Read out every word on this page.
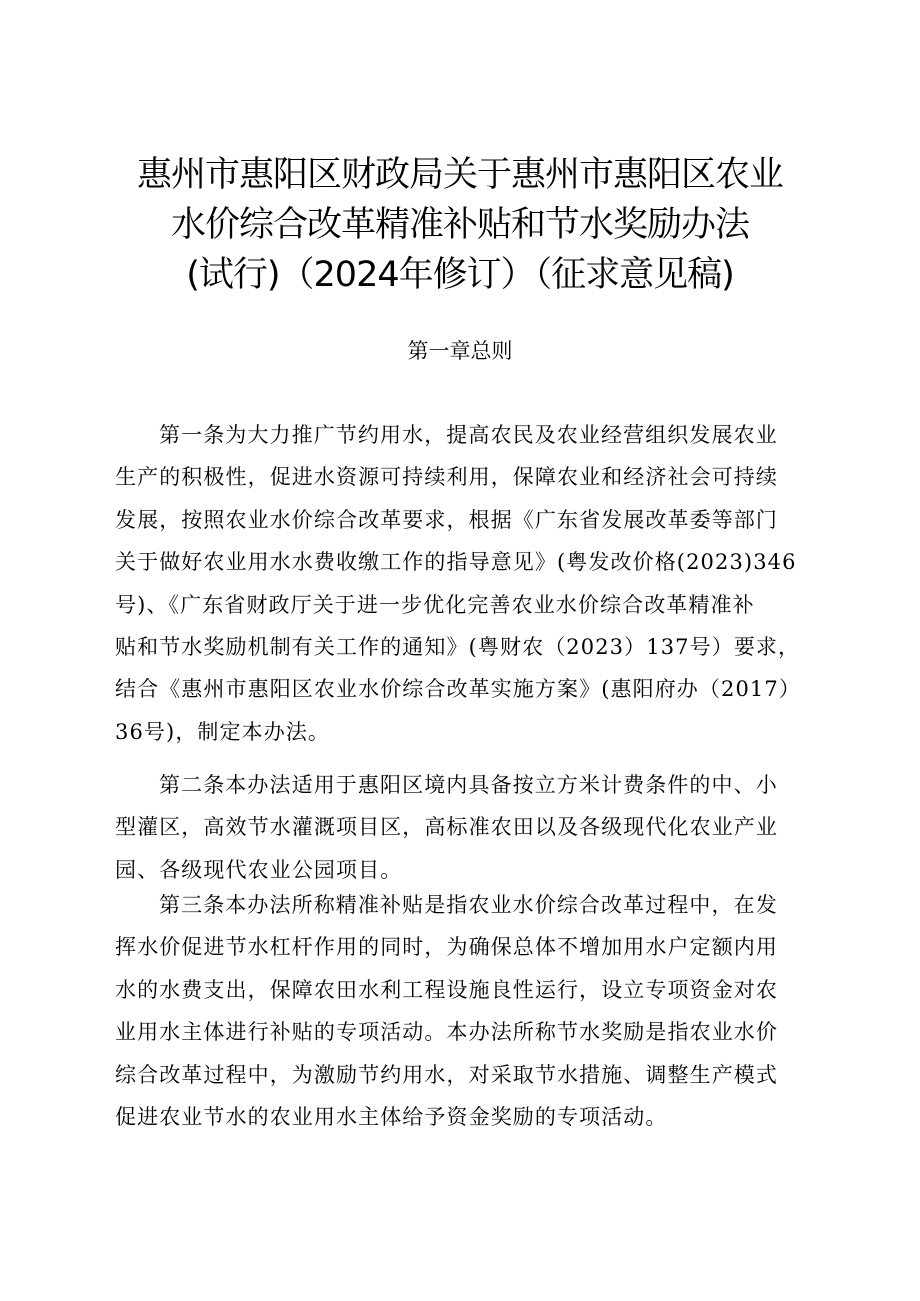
惠州市惠阳区财政局关于惠州市惠阳区农业
水价综合改革精准补贴和节水奖励办法
(试行)（2024年修订）（征求意见稿)
第一章总则
第一条为大力推广节约用水，提高农民及农业经营组织发展农业
生产的积极性，促进水资源可持续利用，保障农业和经济社会可持续
发展，按照农业水价综合改革要求，根据《广东省发展改革委等部门
关于做好农业用水水费收缴工作的指导意见》(粤发改价格(2023)346
号)、《广东省财政厅关于进一步优化完善农业水价综合改革精准补
贴和节水奖励机制有关工作的通知》(粤财农（2023）137号）要求，
结合《惠州市惠阳区农业水价综合改革实施方案》(惠阳府办（2017）
36号)，制定本办法。
第二条本办法适用于惠阳区境内具备按立方米计费条件的中、小
型灌区，高效节水灌溉项目区，高标准农田以及各级现代化农业产业
园、各级现代农业公园项目。
第三条本办法所称精准补贴是指农业水价综合改革过程中，在发
挥水价促进节水杠杆作用的同时，为确保总体不增加用水户定额内用
水的水费支出，保障农田水利工程设施良性运行，设立专项资金对农
业用水主体进行补贴的专项活动。本办法所称节水奖励是指农业水价
综合改革过程中，为激励节约用水，对采取节水措施、调整生产模式
促进农业节水的农业用水主体给予资金奖励的专项活动。
